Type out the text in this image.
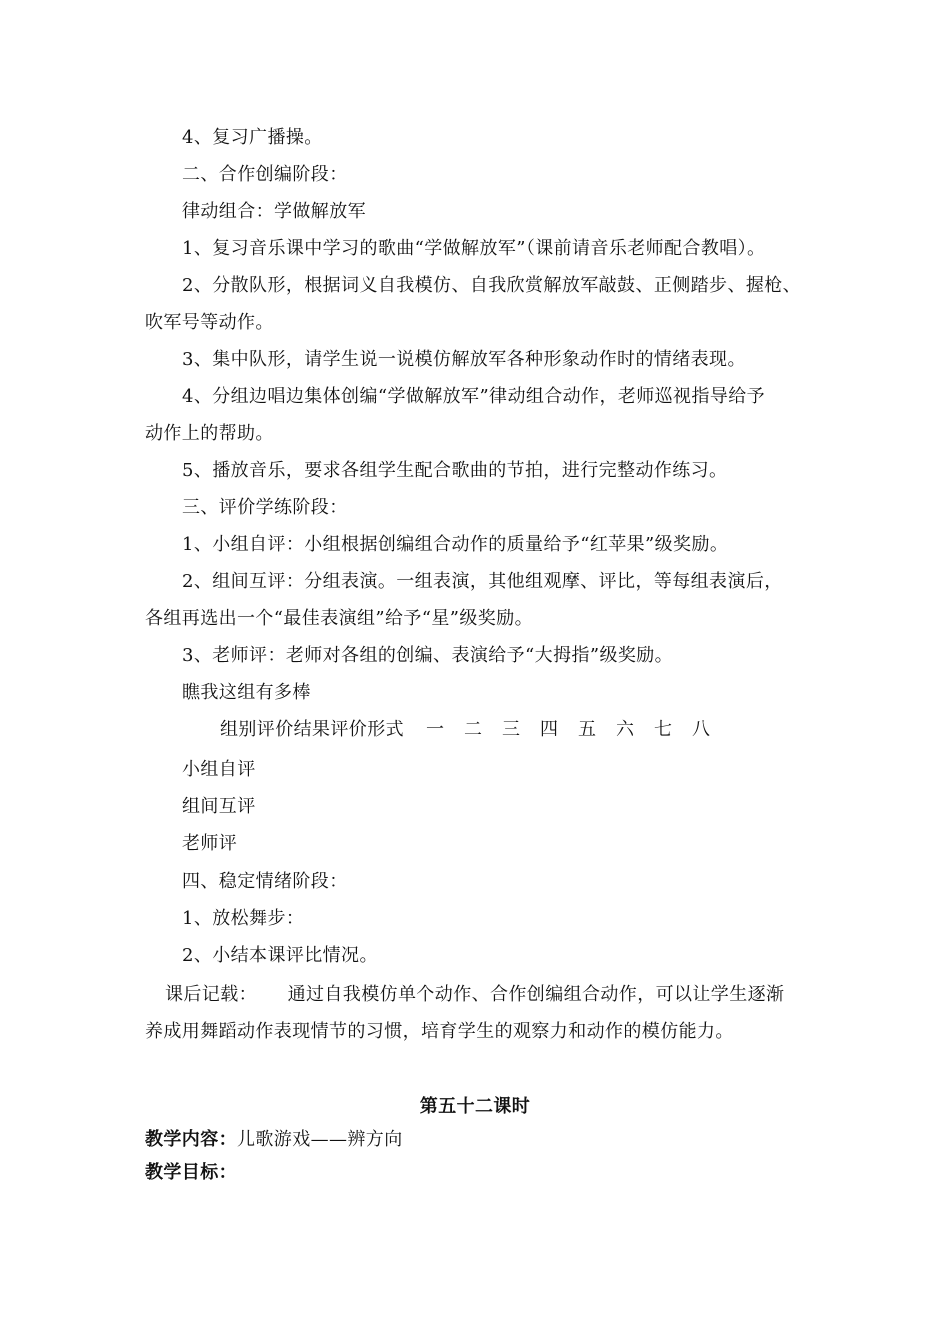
4、复习广播操。
二、合作创编阶段：
律动组合：学做解放军
1、复习音乐课中学习的歌曲“学做解放军”（课前请音乐老师配合教唱）。
2、分散队形，根据词义自我模仿、自我欣赏解放军敲鼓、正侧踏步、握枪、
吹军号等动作。
3、集中队形，请学生说一说模仿解放军各种形象动作时的情绪表现。
4、分组边唱边集体创编“学做解放军”律动组合动作，老师巡视指导给予
动作上的帮助。
5、播放音乐，要求各组学生配合歌曲的节拍，进行完整动作练习。
三、评价学练阶段：
1、小组自评：小组根据创编组合动作的质量给予“红苹果”级奖励。
2、组间互评：分组表演。一组表演，其他组观摩、评比，等每组表演后，
各组再选出一个“最佳表演组”给予“星”级奖励。
3、老师评：老师对各组的创编、表演给予“大拇指”级奖励。
瞧我这组有多棒
组别评价结果评价形式 一 二 三 四 五 六 七 八
小组自评
组间互评
老师评
四、稳定情绪阶段：
1、放松舞步：
2、小结本课评比情况。
课后记载：     通过自我模仿单个动作、合作创编组合动作，可以让学生逐渐
养成用舞蹈动作表现情节的习惯，培育学生的观察力和动作的模仿能力。
第五十二课时
教学内容：儿歌游戏——辨方向
教学目标：
